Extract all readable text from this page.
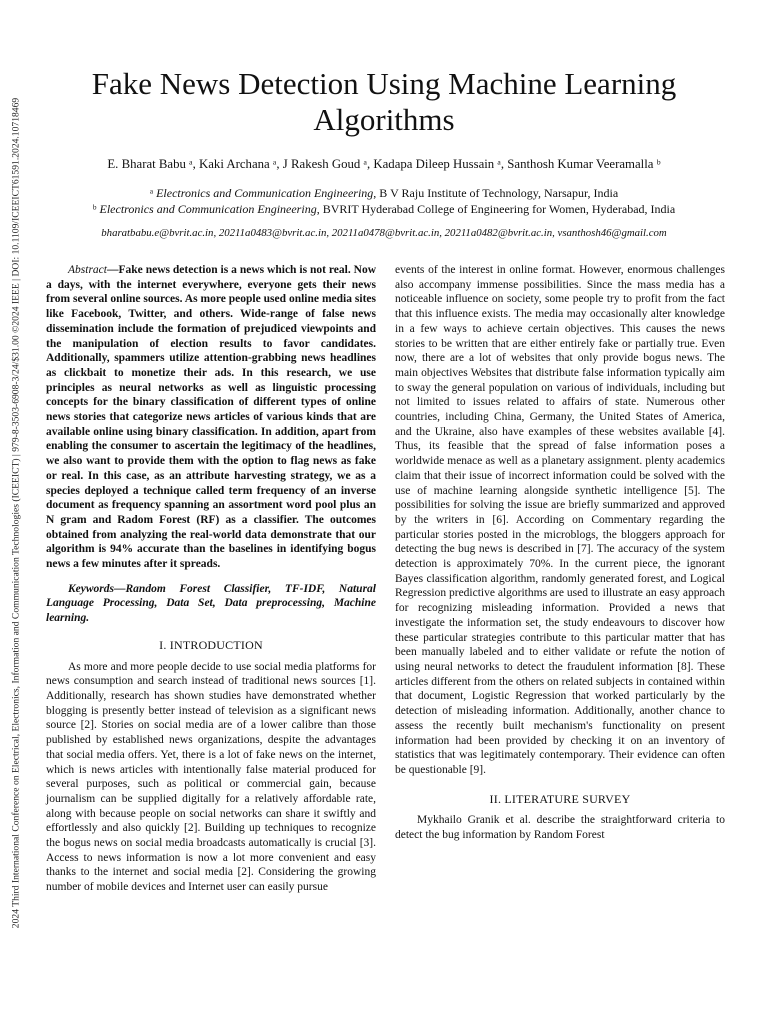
2024 Third International Conference on Electrical, Electronics, Information and Communication Technologies (ICEEICT) | 979-8-3503-6908-3/24/$31.00 ©2024 IEEE | DOI: 10.1109/ICEEICT61591.2024.10718469
Fake News Detection Using Machine Learning Algorithms
E. Bharat Babu ᵃ, Kaki Archana ᵃ, J Rakesh Goud ᵃ, Kadapa Dileep Hussain ᵃ, Santhosh Kumar Veeramalla ᵇ
ᵃ Electronics and Communication Engineering, B V Raju Institute of Technology, Narsapur, India
ᵇ Electronics and Communication Engineering, BVRIT Hyderabad College of Engineering for Women, Hyderabad, India
bharatbabu.e@bvrit.ac.in, 20211a0483@bvrit.ac.in, 20211a0478@bvrit.ac.in, 20211a0482@bvrit.ac.in, vsanthosh46@gmail.com

Abstract—Fake news detection is a news which is not real. Now a days, with the internet everywhere, everyone gets their news from several online sources. As more people used online media sites like Facebook, Twitter, and others. Wide-range of false news dissemination include the formation of prejudiced viewpoints and the manipulation of election results to favor candidates. Additionally, spammers utilize attention-grabbing news headlines as clickbait to monetize their ads. In this research, we use principles as neural networks as well as linguistic processing concepts for the binary classification of different types of online news stories that categorize news articles of various kinds that are available online using binary classification. In addition, apart from enabling the consumer to ascertain the legitimacy of the headlines, we also want to provide them with the option to flag news as fake or real. In this case, as an attribute harvesting strategy, we as a species deployed a technique called term frequency of an inverse document as frequency spanning an assortment word pool plus an N gram and Radom Forest (RF) as a classifier. The outcomes obtained from analyzing the real-world data demonstrate that our algorithm is 94% accurate than the baselines in identifying bogus news a few minutes after it spreads.

Keywords—Random Forest Classifier, TF-IDF, Natural Language Processing, Data Set, Data preprocessing, Machine learning.

I. INTRODUCTION

As more and more people decide to use social media platforms for news consumption and search instead of traditional news sources [1]. Additionally, research has shown studies have demonstrated whether blogging is presently better instead of television as a significant news source [2]. Stories on social media are of a lower calibre than those published by established news organizations, despite the advantages that social media offers. Yet, there is a lot of fake news on the internet, which is news articles with intentionally false material produced for several purposes, such as political or commercial gain, because journalism can be supplied digitally for a relatively affordable rate, along with because people on social networks can share it swiftly and effortlessly and also quickly [2]. Building up techniques to recognize the bogus news on social media broadcasts automatically is crucial [3]. Access to news information is now a lot more convenient and easy thanks to the internet and social media [2]. Considering the growing number of mobile devices and Internet user can easily pursue

events of the interest in online format. However, enormous challenges also accompany immense possibilities. Since the mass media has a noticeable influence on society, some people try to profit from the fact that this influence exists. The media may occasionally alter knowledge in a few ways to achieve certain objectives. This causes the news stories to be written that are either entirely fake or partially true. Even now, there are a lot of websites that only provide bogus news. The main objectives Websites that distribute false information typically aim to sway the general population on various of individuals, including but not limited to issues related to affairs of state. Numerous other countries, including China, Germany, the United States of America, and the Ukraine, also have examples of these websites available [4]. Thus, its feasible that the spread of false information poses a worldwide menace as well as a planetary assignment. plenty academics claim that their issue of incorrect information could be solved with the use of machine learning alongside synthetic intelligence [5]. The possibilities for solving the issue are briefly summarized and approved by the writers in [6]. According on Commentary regarding the particular stories posted in the microblogs, the bloggers approach for detecting the bug news is described in [7]. The accuracy of the system detection is approximately 70%. In the current piece, the ignorant Bayes classification algorithm, randomly generated forest, and Logical Regression predictive algorithms are used to illustrate an easy approach for recognizing misleading information. Provided a news that investigate the information set, the study endeavours to discover how these particular strategies contribute to this particular matter that has been manually labeled and to either validate or refute the notion of using neural networks to detect the fraudulent information [8]. These articles different from the others on related subjects in contained within that document, Logistic Regression that worked particularly by the detection of misleading information. Additionally, another chance to assess the recently built mechanism's functionality on present information had been provided by checking it on an inventory of statistics that was legitimately contemporary. Their evidence can often be questionable [9].

II. LITERATURE SURVEY

Mykhailo Granik et al. describe the straightforward criteria to detect the bug information by Random Forest
